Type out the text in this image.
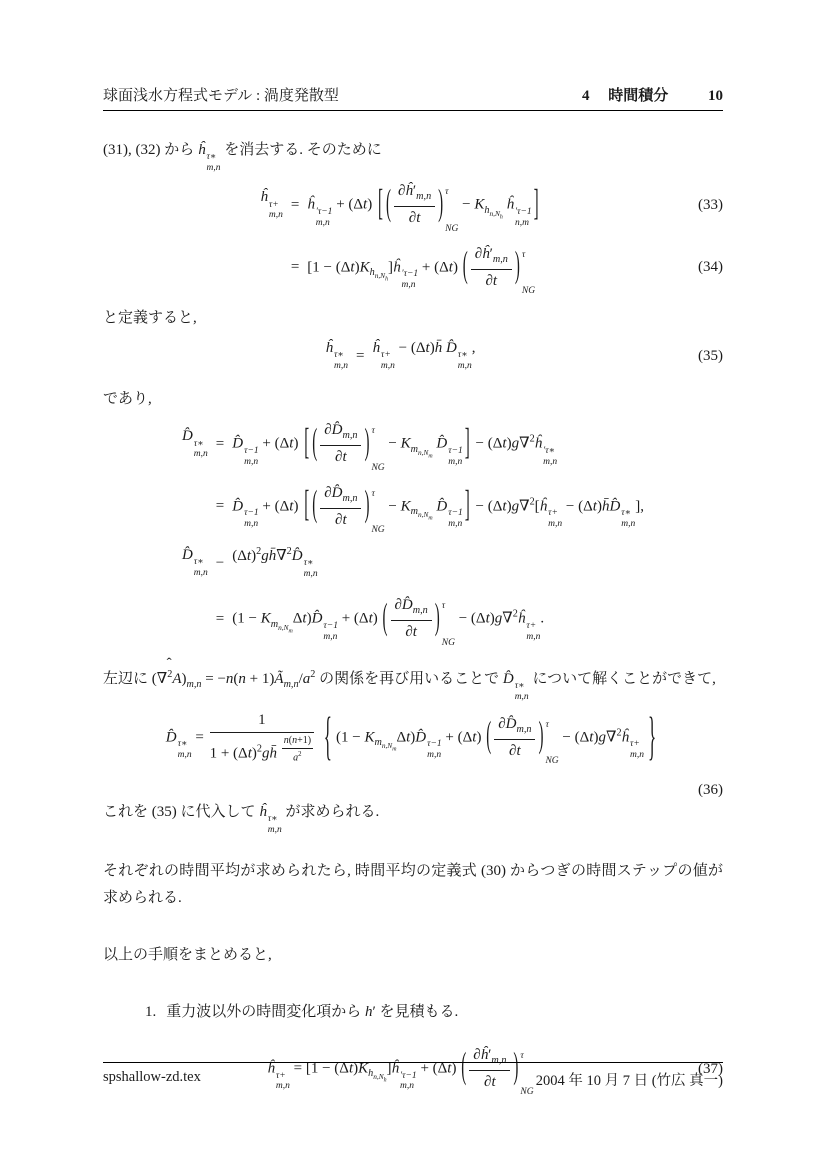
球面浅水方程式モデル : 渦度発散型	4 時間積分	10

(31), (32) から ĥ τ∗
m,n
を消去する. そのために

	ĥ τ+
m,n
	=	ĥ ′τ−1
m,n
+ (Δt) [ ( $\frac{\partial ĥ'_{m,n}}{\partial t}$ ) τ
NG
− $K_{h_{n,N_h}}$ ĥ ′τ−1
n,m ]		(33)
		=	$[1 - (\Delta t)K_{h_{n,N_h}}]ĥ$ ′τ−1
m,n
+ (Δt) ( $\frac{\partial ĥ'_{m,n}}{\partial t}$ ) τ
NG
		(34)

と定義すると,

	ĥ τ∗
m,n
	=	ĥ τ+
m,n
− (Δt)h̄ D̂ τ∗
m,n
,		(35)

であり,

	D̂ τ∗
m,n
	=	D̂ τ−1
m,n
+ (Δt) [ ( $\frac{\partial D̂_{m,n}}{\partial t}$ ) τ
NG
− $K_{m_{n,N_m}}$ D̂ τ−1
m,n ] − (Δt)g∇$^2$ĥ ′τ∗
m,n

		=	D̂ τ−1
m,n
+ (Δt) [ ( $\frac{\partial D̂_{m,n}}{\partial t}$ ) τ
NG
− $K_{m_{n,N_m}}$ D̂ τ−1
m,n ] − (Δt)g∇$^2$[ĥ τ+
m,n
− (Δt)h̄D̂ τ∗
m,n
],		
	D̂ τ∗
m,n	−	$(\Delta t)^2gh̄\nabla^2D̂$ τ∗
m,n		

		=	$(1 - K_{m_{n,N_m}}\Delta t)D̂$ τ−1
m,n
+ (Δt) ( $\frac{\partial D̂_{m,n}}{\partial t}$ ) τ
NG
− (Δt)g∇$^2$ĥ τ+
m,n
.		

左辺に (
ˆ
$\nabla^2A)_{m,n} = -n(n$ + $1)Ã_{m,n}/a^2$ の関係を再び用いることで D̂ τ∗
m,n
について解くことができて,

	D̂ τ∗
m,n
= $\frac{1}{1 + (\Delta t)^2gh̄ \frac{n(n+1)}{a^2}}$ { $(1 - K_{m_{n,N_m}}\Delta t)D̂$ τ−1
m,n
+ (Δt) ( $\frac{\partial D̂_{m,n}}{\partial t}$ ) τ
NG
− (Δt)g∇$^2$ĥ τ+
m,n }	
(36)

これを (35) に代入して ĥ τ∗
m,n
が求められる.

それぞれの時間平均が求められたら, 時間平均の定義式 (30) からつぎの時間ステップの値が求められる.

以上の手順をまとめると,

1. 重力波以外の時間変化項から h′ を見積もる.
	ĥ τ+
m,n
= $[1 - (\Delta t)K_{h_{n,N_h}}]ĥ$ ′τ−1
m,n
+ (Δt) ( $\frac{\partial ĥ'_{m,n}}{\partial t}$ ) τ
NG
		(37)
spshallow-zd.tex	2004 年 10 月 7 日 (竹広 真一)
